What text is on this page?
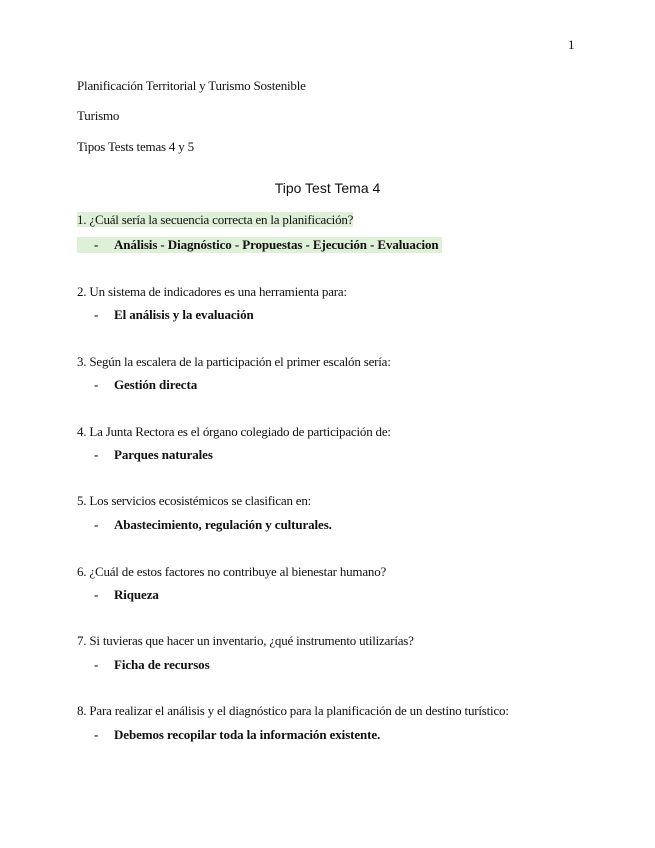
1
Planificación Territorial y Turismo Sostenible
Turismo
Tipos Tests temas 4 y 5
Tipo Test Tema 4
1. ¿Cuál sería la secuencia correcta en la planificación?
- Análisis - Diagnóstico - Propuestas - Ejecución - Evaluacion
2. Un sistema de indicadores es una herramienta para:
- El análisis y la evaluación
3. Según la escalera de la participación el primer escalón sería:
- Gestión directa
4. La Junta Rectora es el órgano colegiado de participación de:
- Parques naturales
5. Los servicios ecosistémicos se clasifican en:
- Abastecimiento, regulación y culturales.
6. ¿Cuál de estos factores no contribuye al bienestar humano?
- Riqueza
7. Si tuvieras que hacer un inventario, ¿qué instrumento utilizarías?
- Ficha de recursos
8. Para realizar el análisis y el diagnóstico para la planificación de un destino turístico:
- Debemos recopilar toda la información existente.
